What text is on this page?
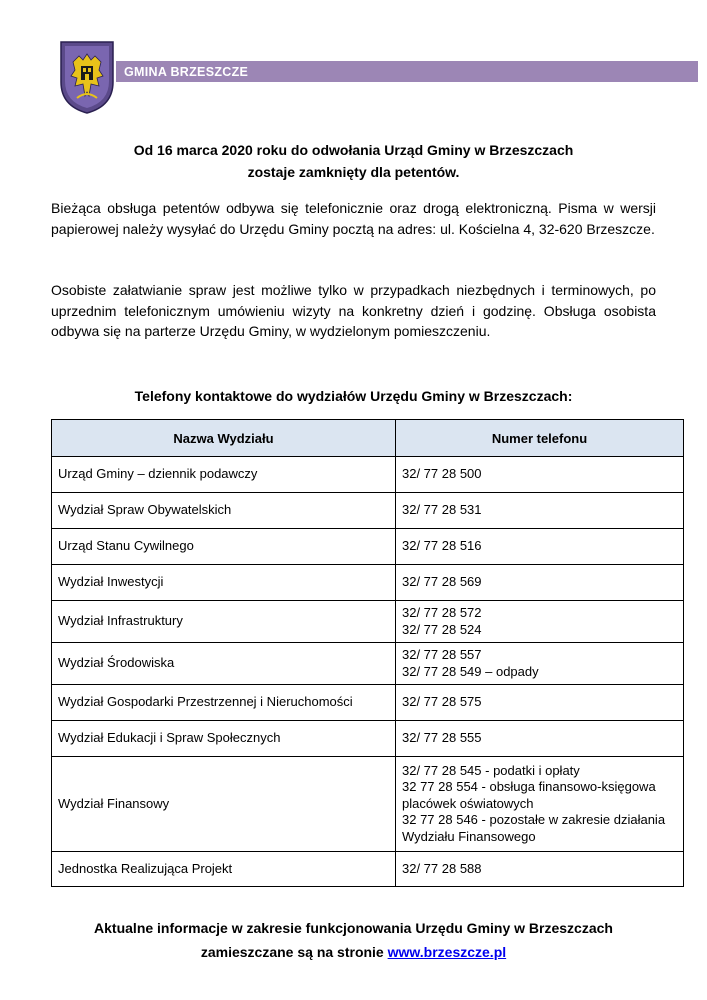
GMINA BRZESZCZE
Od 16 marca 2020 roku do odwołania Urząd Gminy w Brzeszczach
zostaje zamknięty dla petentów.
Bieżąca obsługa petentów odbywa się telefonicznie oraz drogą elektroniczną. Pisma w wersji papierowej należy wysyłać do Urzędu Gminy pocztą na adres: ul. Kościelna 4, 32-620 Brzeszcze.
Osobiste załatwianie spraw jest możliwe tylko w przypadkach niezbędnych i terminowych, po uprzednim telefonicznym umówieniu wizyty na konkretny dzień i godzinę. Obsługa osobista odbywa się na parterze Urzędu Gminy, w wydzielonym pomieszczeniu.
Telefony kontaktowe do wydziałów Urzędu Gminy w Brzeszczach:
Nazwa Wydziału	Numer telefonu
Urząd Gminy – dziennik podawczy	32/ 77 28 500

Wydział Spraw Obywatelskich	32/ 77 28 531

Urząd Stanu Cywilnego	32/ 77 28 516

Wydział Inwestycji	32/ 77 28 569

Wydział Infrastruktury	32/ 77 28 572
32/ 77 28 524

Wydział Środowiska	32/ 77 28 557
32/ 77 28 549 – odpady

Wydział Gospodarki Przestrzennej i Nieruchomości	32/ 77 28 575

Wydział Edukacji i Spraw Społecznych	32/ 77 28 555

Wydział Finansowy	32/ 77 28 545 - podatki i opłaty
32 77 28 554 - obsługa finansowo-księgowa placówek oświatowych
32 77 28 546 - pozostałe w zakresie działania Wydziału Finansowego

Jednostka Realizująca Projekt	32/ 77 28 588
Aktualne informacje w zakresie funkcjonowania Urzędu Gminy w Brzeszczach
zamieszczane są na stronie www.brzeszcze.pl
